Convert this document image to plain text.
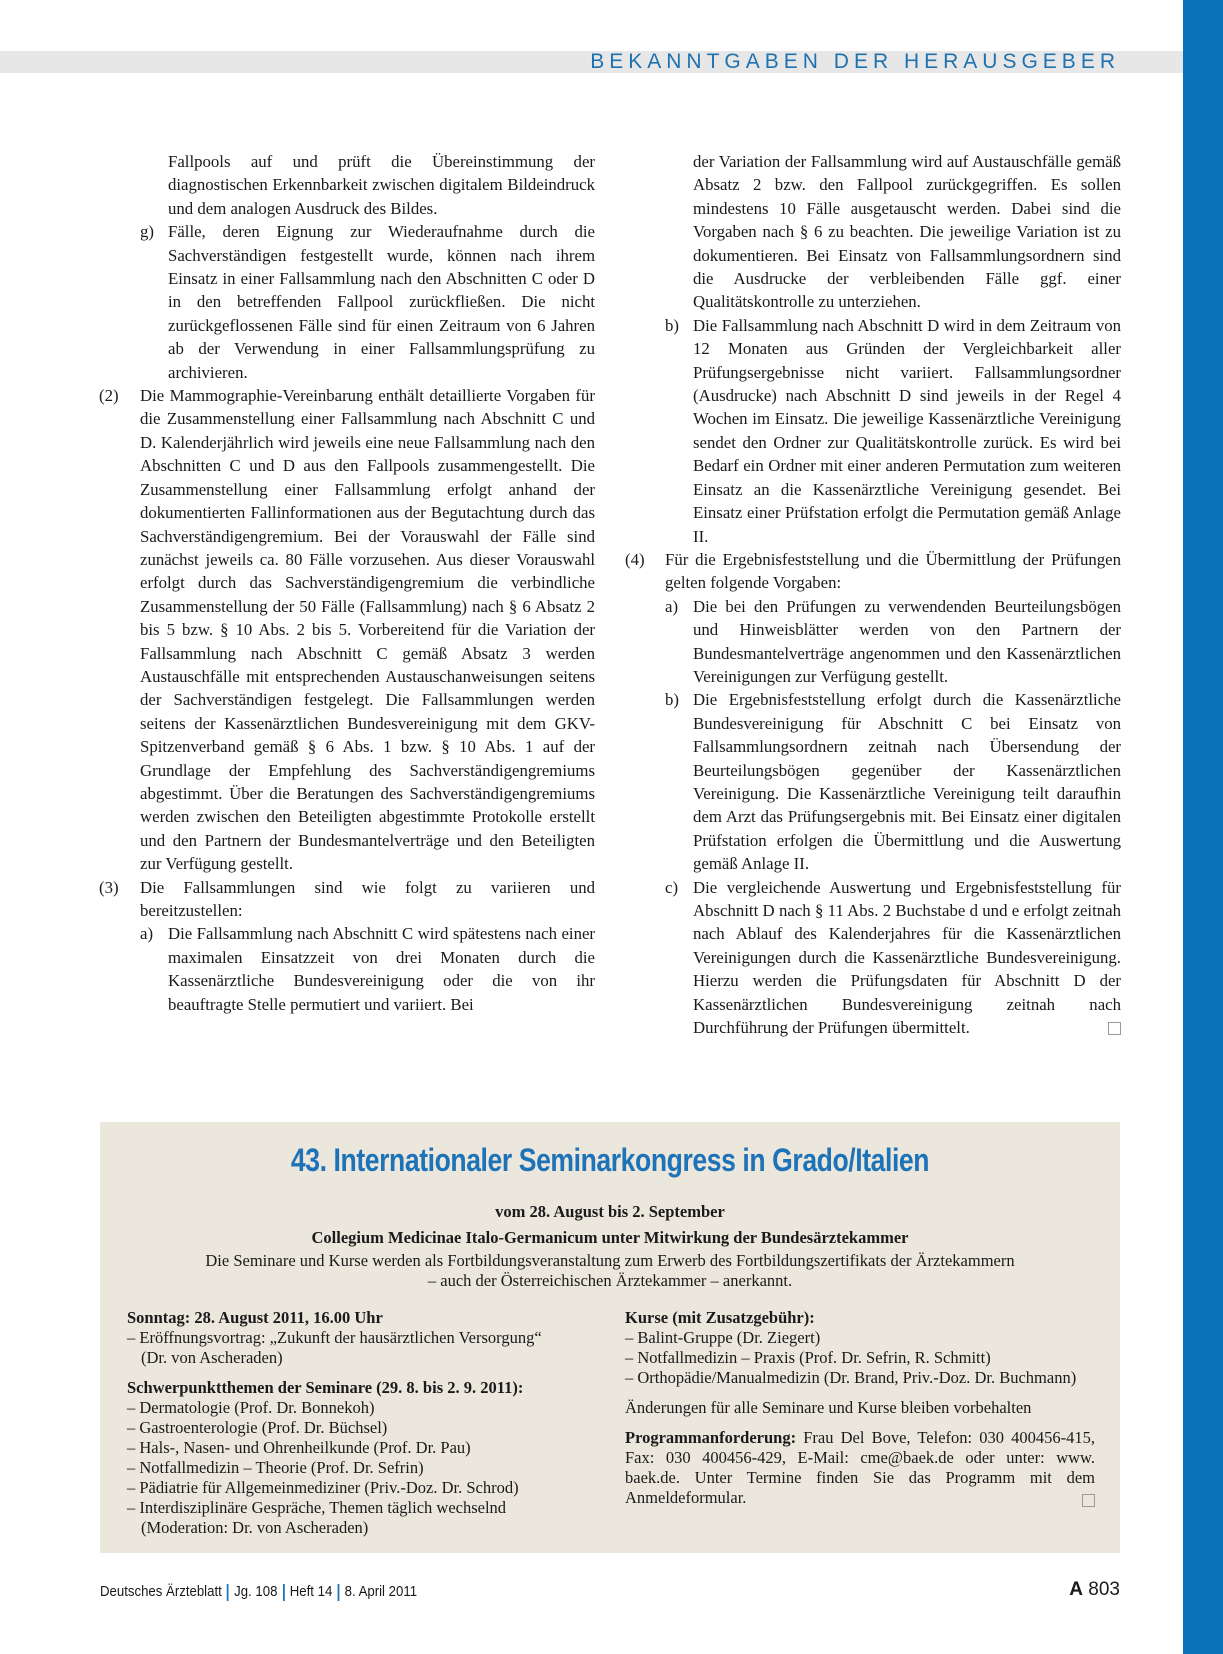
BEKANNTGABEN DER HERAUSGEBER

Fallpools auf und prüft die Übereinstimmung der diagnostischen Erkennbarkeit zwischen digitalem Bildeindruck und dem analogen Ausdruck des Bildes.

g) Fälle, deren Eignung zur Wiederaufnahme durch die Sachverständigen festgestellt wurde, können nach ihrem Einsatz in einer Fallsammlung nach den Abschnitten C oder D in den betreffenden Fallpool zurückfließen. Die nicht zurückgeflossenen Fälle sind für einen Zeitraum von 6 Jahren ab der Verwendung in einer Fallsammlungsprüfung zu archivieren.

(2) Die Mammographie-Vereinbarung enthält detaillierte Vorgaben für die Zusammenstellung einer Fallsammlung nach Abschnitt C und D. Kalenderjährlich wird jeweils eine neue Fallsammlung nach den Abschnitten C und D aus den Fallpools zusammengestellt. Die Zusammenstellung einer Fallsammlung erfolgt anhand der dokumentierten Fallinformationen aus der Begutachtung durch das Sachverständigengremium. Bei der Vorauswahl der Fälle sind zunächst jeweils ca. 80 Fälle vorzusehen. Aus dieser Vorauswahl erfolgt durch das Sachverständigengremium die verbindliche Zusammenstellung der 50 Fälle (Fallsammlung) nach § 6 Absatz 2 bis 5 bzw. § 10 Abs. 2 bis 5. Vorbereitend für die Variation der Fallsammlung nach Abschnitt C gemäß Absatz 3 werden Austauschfälle mit entsprechenden Austauschanweisungen seitens der Sachverständigen festgelegt. Die Fallsammlungen werden seitens der Kassenärztlichen Bundesvereinigung mit dem GKV-Spitzenverband gemäß § 6 Abs. 1 bzw. § 10 Abs. 1 auf der Grundlage der Empfehlung des Sachverständigengremiums abgestimmt. Über die Beratungen des Sachverständigengremiums werden zwischen den Beteiligten abgestimmte Protokolle erstellt und den Partnern der Bundesmantelverträge und den Beteiligten zur Verfügung gestellt.

(3) Die Fallsammlungen sind wie folgt zu variieren und bereitzustellen:

a) Die Fallsammlung nach Abschnitt C wird spätestens nach einer maximalen Einsatzzeit von drei Monaten durch die Kassenärztliche Bundesvereinigung oder die von ihr beauftragte Stelle permutiert und variiert. Bei

der Variation der Fallsammlung wird auf Austauschfälle gemäß Absatz 2 bzw. den Fallpool zurückgegriffen. Es sollen mindestens 10 Fälle ausgetauscht werden. Dabei sind die Vorgaben nach § 6 zu beachten. Die jeweilige Variation ist zu dokumentieren. Bei Einsatz von Fallsammlungsordnern sind die Ausdrucke der verbleibenden Fälle ggf. einer Qualitätskontrolle zu unterziehen.

b) Die Fallsammlung nach Abschnitt D wird in dem Zeitraum von 12 Monaten aus Gründen der Vergleichbarkeit aller Prüfungsergebnisse nicht variiert. Fallsammlungsordner (Ausdrucke) nach Abschnitt D sind jeweils in der Regel 4 Wochen im Einsatz. Die jeweilige Kassenärztliche Vereinigung sendet den Ordner zur Qualitätskontrolle zurück. Es wird bei Bedarf ein Ordner mit einer anderen Permutation zum weiteren Einsatz an die Kassenärztliche Vereinigung gesendet. Bei Einsatz einer Prüfstation erfolgt die Permutation gemäß Anlage II.

(4) Für die Ergebnisfeststellung und die Übermittlung der Prüfungen gelten folgende Vorgaben:

a) Die bei den Prüfungen zu verwendenden Beurteilungsbögen und Hinweisblätter werden von den Partnern der Bundesmantelverträge angenommen und den Kassenärztlichen Vereinigungen zur Verfügung gestellt.

b) Die Ergebnisfeststellung erfolgt durch die Kassenärztliche Bundesvereinigung für Abschnitt C bei Einsatz von Fallsammlungsordnern zeitnah nach Übersendung der Beurteilungsbögen gegenüber der Kassenärztlichen Vereinigung. Die Kassenärztliche Vereinigung teilt daraufhin dem Arzt das Prüfungsergebnis mit. Bei Einsatz einer digitalen Prüfstation erfolgen die Übermittlung und die Auswertung gemäß Anlage II.

c) Die vergleichende Auswertung und Ergebnisfeststellung für Abschnitt D nach § 11 Abs. 2 Buchstabe d und e erfolgt zeitnah nach Ablauf des Kalenderjahres für die Kassenärztlichen Vereinigungen durch die Kassenärztliche Bundesvereinigung. Hierzu werden die Prüfungsdaten für Abschnitt D der Kassenärztlichen Bundesvereinigung zeitnah nach Durchführung der Prüfungen übermittelt.

43. Internationaler Seminarkongress in Grado/Italien
vom 28. August bis 2. September
Collegium Medicinae Italo-Germanicum unter Mitwirkung der Bundesärztekammer
Die Seminare und Kurse werden als Fortbildungsveranstaltung zum Erwerb des Fortbildungszertifikats der Ärztekammern
– auch der Österreichischen Ärztekammer – anerkannt.
Sonntag: 28. August 2011, 16.00 Uhr
– Eröffnungsvortrag: „Zukunft der hausärztlichen Versorgung“ (Dr. von Ascheraden)
Schwerpunktthemen der Seminare (29. 8. bis 2. 9. 2011):
– Dermatologie (Prof. Dr. Bonnekoh)
– Gastroenterologie (Prof. Dr. Büchsel)
– Hals-, Nasen- und Ohrenheilkunde (Prof. Dr. Pau)
– Notfallmedizin – Theorie (Prof. Dr. Sefrin)
– Pädiatrie für Allgemeinmediziner (Priv.-Doz. Dr. Schrod)
– Interdisziplinäre Gespräche, Themen täglich wechselnd (Moderation: Dr. von Ascheraden)
Kurse (mit Zusatzgebühr):
– Balint-Gruppe (Dr. Ziegert)
– Notfallmedizin – Praxis (Prof. Dr. Sefrin, R. Schmitt)
– Orthopädie/Manualmedizin (Dr. Brand, Priv.-Doz. Dr. Buchmann)
Änderungen für alle Seminare und Kurse bleiben vorbehalten
Programmanforderung: Frau Del Bove, Telefon: 030 400456-415, Fax: 030 400456-429, E-Mail: cme@baek.de oder unter: www. baek.de. Unter Termine finden Sie das Programm mit dem Anmeldeformular.
Deutsches Ärzteblatt Jg. 108 Heft 14 8. April 2011	A 803
